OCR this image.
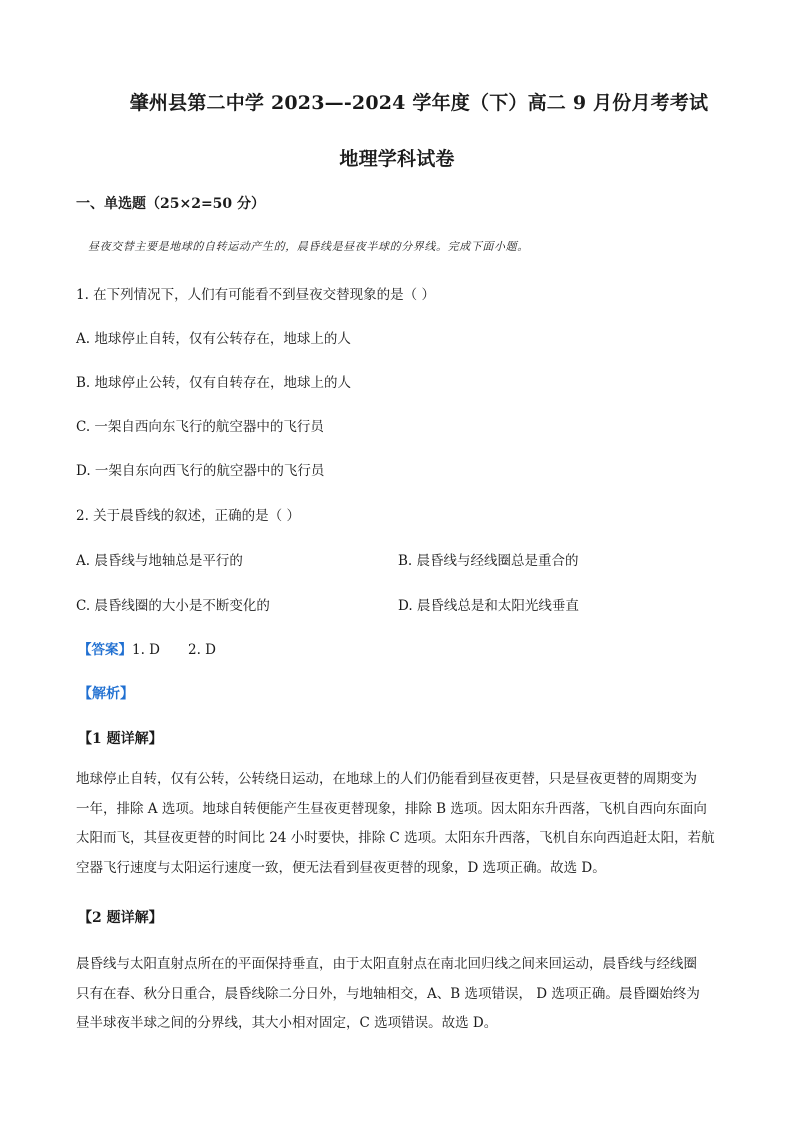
肇州县第二中学 2023—-2024 学年度（下）高二 9 月份月考考试
地理学科试卷
一、单选题（25×2=50 分）
昼夜交替主要是地球的自转运动产生的，晨昏线是昼夜半球的分界线。完成下面小题。
1. 在下列情况下，人们有可能看不到昼夜交替现象的是（ ）
A. 地球停止自转，仅有公转存在，地球上的人
B. 地球停止公转，仅有自转存在，地球上的人
C. 一架自西向东飞行的航空器中的飞行员
D. 一架自东向西飞行的航空器中的飞行员
2. 关于晨昏线的叙述，正确的是（ ）
A. 晨昏线与地轴总是平行的	B. 晨昏线与经线圈总是重合的
C. 晨昏线圈的大小是不断变化的	D. 晨昏线总是和太阳光线垂直
【答案】1. D 2. D
【解析】
【1 题详解】
地球停止自转，仅有公转，公转绕日运动，在地球上的人们仍能看到昼夜更替，只是昼夜更替的周期变为
一年，排除 A 选项。地球自转便能产生昼夜更替现象，排除 B 选项。因太阳东升西落，飞机自西向东面向
太阳而飞，其昼夜更替的时间比 24 小时要快，排除 C 选项。太阳东升西落，飞机自东向西追赶太阳，若航
空器飞行速度与太阳运行速度一致，便无法看到昼夜更替的现象，D 选项正确。故选 D。
【2 题详解】
晨昏线与太阳直射点所在的平面保持垂直，由于太阳直射点在南北回归线之间来回运动，晨昏线与经线圈
只有在春、秋分日重合，晨昏线除二分日外，与地轴相交，A、B 选项错误， D 选项正确。晨昏圈始终为
昼半球夜半球之间的分界线，其大小相对固定，C 选项错误。故选 D。
